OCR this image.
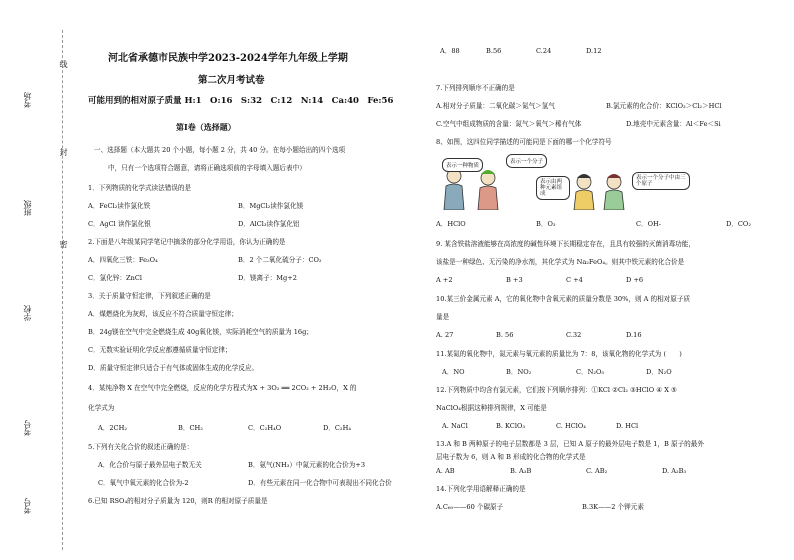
考场
班级
学校
考号
考号
线
封
密
河北省承德市民族中学2023-2024学年九年级上学期
第二次月考试卷
可能用到的相对原子质量 H:1　O:16　S:32　C:12　N:14　Ca:40　Fe:56
第Ⅰ卷（选择题）
一、选择题（本大题共 20 个小题，每小题 2 分，共 40 分。在每小题给出的四个选项
中，只有一个选项符合题意，请将正确选项前的字母填入题后表中）
1．下列物质的化学式读法错误的是
A．FeCl₂读作氯化铁	B．MgCl₂读作氯化镁
C．AgCl 读作氯化银	D．AlCl₃读作氯化铝
2.下面是八年级某同学笔记中摘录的部分化学用语，你认为正确的是
A．四氧化三铁：Fe₃O₄	B．2 个二氧化硫分子：CO₂
C．氯化锌：ZnCl	D．镁离子：Mg+2
3．关于质量守恒定律，下列叙述正确的是
A．煤燃烧化为灰烬，该反应不符合质量守恒定律；
B．24g镁在空气中完全燃烧生成 40g氧化镁，实际消耗空气的质量为 16g；
C．无数实验证明化学反应都遵循质量守恒定律；
D．质量守恒定律只适合于有气体或固体生成的化学反应。
4．某纯净物 X 在空气中完全燃烧，反应的化学方程式为X + 3O₂ ══ 2CO₂ + 2H₂O，X 的
化学式为
A．2CH₂	B．CH₂	C．C₂H₄O	D．C₂H₄
5.下列有关化合价的叙述正确的是：
A．化合价与原子最外层电子数无关	B．氨气(NH₃）中氮元素的化合价为+3
C．氧气中氧元素的化合价为-2	D．有些元素在同一化合物中可表现出不同化合价
6.已知 RSO₄的相对分子质量为 120，则R 的相对原子质量是
A．88	B.56	C.24	D.12
7.下列排列顺序不正确的是
A.相对分子质量：二氧化碳＞氮气＞氢气	B.氯元素的化合价：KClO₃＞Cl₂＞HCl
C.空气中组成物质的含量：氮气＞氧气＞稀有气体	D.地壳中元素含量：Al＜Fe＜Si
8、如图，这四位同学描述的可能同是下面的哪一个化学符号
表示一种物质
表示一个分子
表示由两种元素组成
表示一个分子中由三个原子
A．HClO	B．O₃	C．OH-	D．CO₂
9. 某含铁盐溶液能够在高浓度的碱性环境下长期稳定存在，且具有较强的灭菌消毒功能，
该盐是一种绿色、无污染的净水剂，其化学式为 Na₂FeO₄。则其中铁元素的化合价是
A +2	B +3	C +4	D +6
10.某三价金属元素 A，它的氧化物中含氧元素的质量分数是 30%，则 A 的相对原子质
量是
A. 27	B. 56	C.32	D.16
11.某氮的氧化物中，氮元素与氧元素的质量比为 7：8，该氧化物的化学式为 (　　)
A．NO	B．NO₂	C．N₂O₅	D．N₂O
12.下列物质中均含有氯元素，它们按下列顺序排列：①KCl ②Cl₂ ③HClO ④ X ⑤
NaClO₄根据这种排列规律，X 可能是
A. NaCl	B. KClO₃	C. HClO₄	D. HCl
13.A 和 B 两种原子的电子层数都是 3 层，已知 A 原子的最外层电子数是 1，B 原子的最外
层电子数为 6，则 A 和 B 形成的化合物的化学式是
A. AB	B. A₃B	C. AB₂	D. A₂B₃
14.下列化学用语解释正确的是
A.C₆₀——60 个碳原子	B.3K——2 个钾元素
